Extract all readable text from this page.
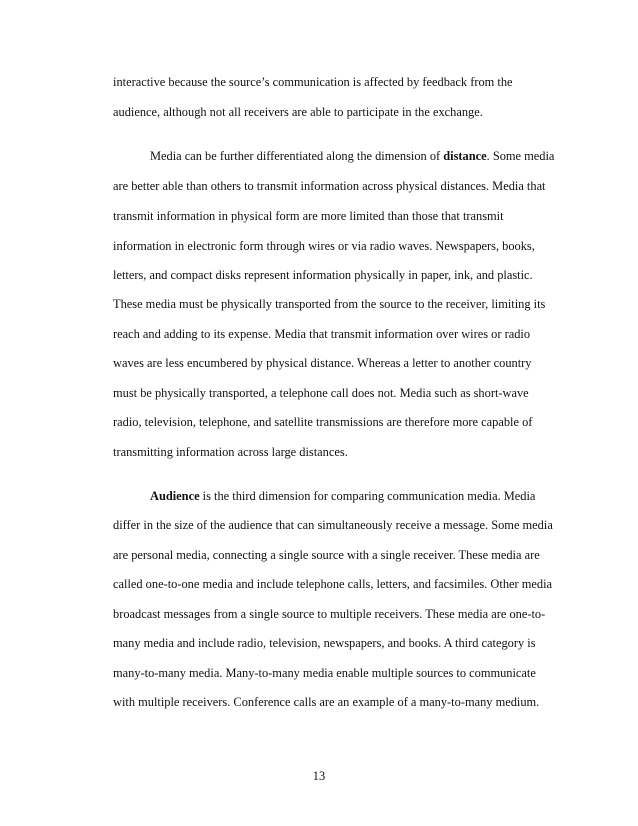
interactive because the source’s communication is affected by feedback from the
audience, although not all receivers are able to participate in the exchange.
Media can be further differentiated along the dimension of distance. Some media
are better able than others to transmit information across physical distances. Media that
transmit information in physical form are more limited than those that transmit
information in electronic form through wires or via radio waves. Newspapers, books,
letters, and compact disks represent information physically in paper, ink, and plastic.
These media must be physically transported from the source to the receiver, limiting its
reach and adding to its expense. Media that transmit information over wires or radio
waves are less encumbered by physical distance. Whereas a letter to another country
must be physically transported, a telephone call does not. Media such as short-wave
radio, television, telephone, and satellite transmissions are therefore more capable of
transmitting information across large distances.
Audience is the third dimension for comparing communication media. Media
differ in the size of the audience that can simultaneously receive a message. Some media
are personal media, connecting a single source with a single receiver. These media are
called one-to-one media and include telephone calls, letters, and facsimiles. Other media
broadcast messages from a single source to multiple receivers. These media are one-to-
many media and include radio, television, newspapers, and books. A third category is
many-to-many media. Many-to-many media enable multiple sources to communicate
with multiple receivers. Conference calls are an example of a many-to-many medium.
13
